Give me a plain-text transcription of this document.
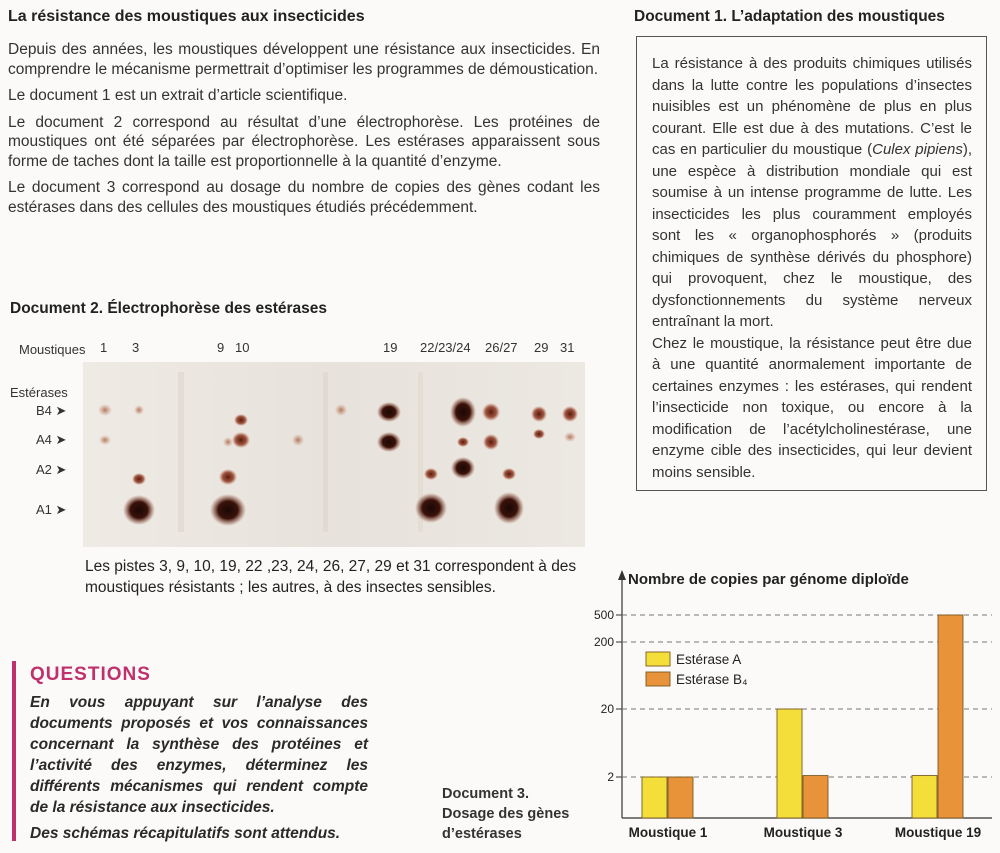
La résistance des moustiques aux insecticides

Depuis des années, les moustiques développent une résistance aux insecticides. En comprendre le mécanisme permettrait d’optimiser les programmes de démoustication.

Le document 1 est un extrait d’article scientifique.

Le document 2 correspond au résultat d’une électrophorèse. Les protéines de moustiques ont été séparées par électrophorèse. Les estérases apparaissent sous forme de taches dont la taille est proportionnelle à la quantité d’enzyme.

Le document 3 correspond au dosage du nombre de copies des gènes codant les estérases dans des cellules des moustiques étudiés précédemment.

Document 1. L’adaptation des moustiques

La résistance à des produits chimiques utilisés dans la lutte contre les populations d’insectes nuisibles est un phénomène de plus en plus courant. Elle est due à des mutations. C’est le cas en particulier du moustique (Culex pipiens), une espèce à distribution mondiale qui est soumise à un intense programme de lutte. Les insecticides les plus couramment employés sont les « organophosphorés » (produits chimiques de synthèse dérivés du phosphore) qui provoquent, chez le moustique, des dysfonctionnements du système nerveux entraînant la mort.

Chez le moustique, la résistance peut être due à une quantité anormalement importante de certaines enzymes : les estérases, qui rendent l’insecticide non toxique, ou encore à la modification de l’acétylcholinestérase, une enzyme cible des insecticides, qui leur devient moins sensible.

Document 2. Électrophorèse des estérases
Moustiques 1 3	9 10	19 22/23/24 26/27 29 31
Estérases
B4 ➤
A4 ➤
A2 ➤
A1 ➤
Les pistes 3, 9, 10, 19, 22 ,23, 24, 26, 27, 29 et 31 correspondent à des moustiques résistants ; les autres, à des insectes sensibles.
QUESTIONS

En vous appuyant sur l’analyse des documents proposés et vos connaissances concernant la synthèse des protéines et l’activité des enzymes, déterminez les différents mécanismes qui rendent compte de la résistance aux insecticides.

Des schémas récapitulatifs sont attendus.

Document 3.
Dosage des gènes
d’estérases
Nombre de copies par génome diploïde
2
20
200
500
Estérase A
Estérase B₄
Moustique 1	Moustique 3	Moustique 19
